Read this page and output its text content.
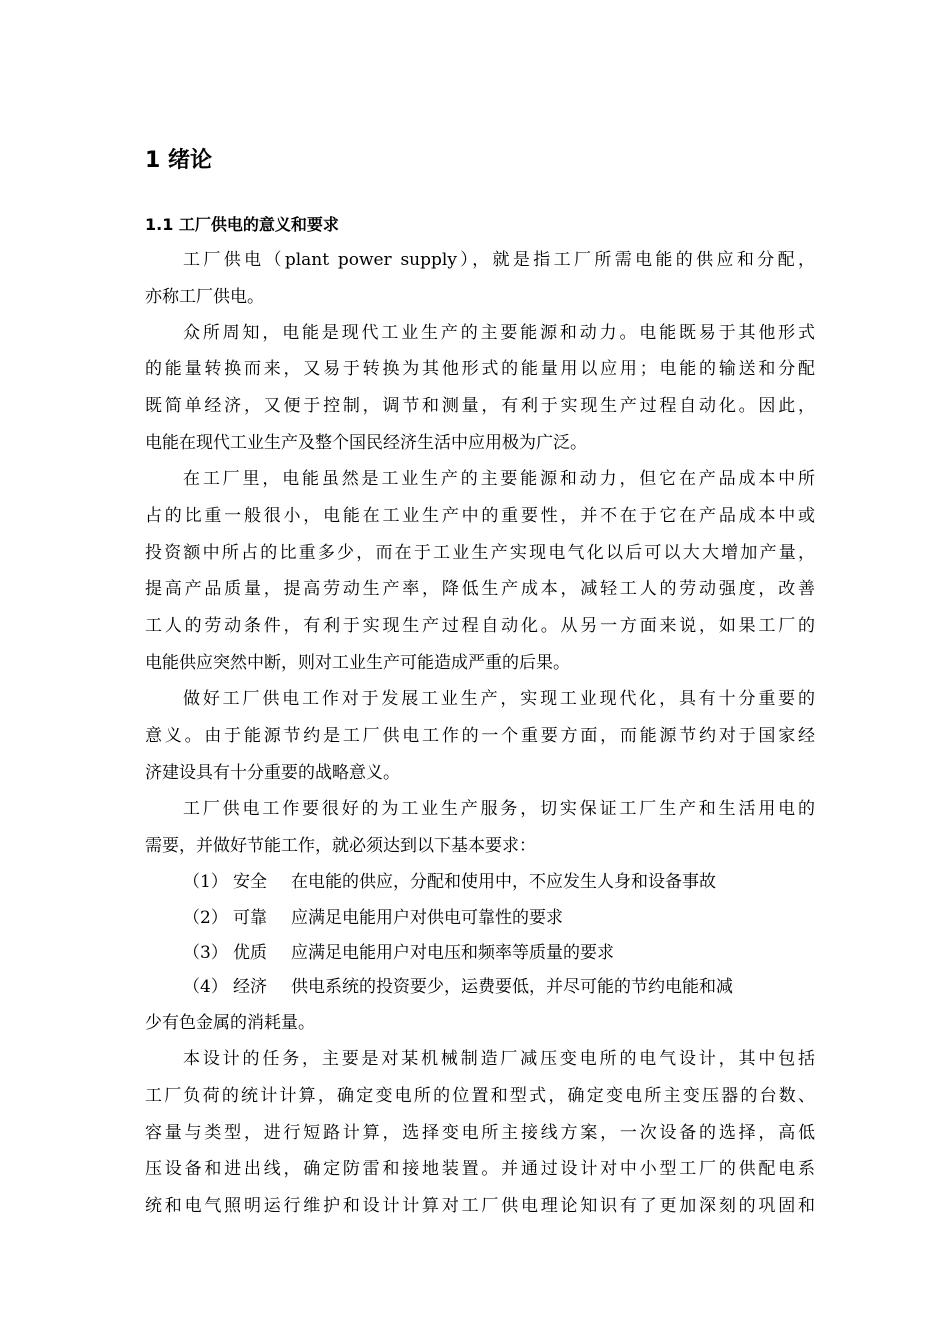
1 绪论
1.1 工厂供电的意义和要求

工厂供电（plant power supply），就是指工厂所需电能的供应和分配，

亦称工厂供电。

众所周知，电能是现代工业生产的主要能源和动力。电能既易于其他形式

的能量转换而来，又易于转换为其他形式的能量用以应用；电能的输送和分配

既简单经济，又便于控制，调节和测量，有利于实现生产过程自动化。因此，

电能在现代工业生产及整个国民经济生活中应用极为广泛。

在工厂里，电能虽然是工业生产的主要能源和动力，但它在产品成本中所

占的比重一般很小，电能在工业生产中的重要性，并不在于它在产品成本中或

投资额中所占的比重多少，而在于工业生产实现电气化以后可以大大增加产量，

提高产品质量，提高劳动生产率，降低生产成本，减轻工人的劳动强度，改善

工人的劳动条件，有利于实现生产过程自动化。从另一方面来说，如果工厂的

电能供应突然中断，则对工业生产可能造成严重的后果。

做好工厂供电工作对于发展工业生产，实现工业现代化，具有十分重要的

意义。由于能源节约是工厂供电工作的一个重要方面，而能源节约对于国家经

济建设具有十分重要的战略意义。

工厂供电工作要很好的为工业生产服务，切实保证工厂生产和生活用电的

需要，并做好节能工作，就必须达到以下基本要求：

（1） 安全 在电能的供应，分配和使用中，不应发生人身和设备事故

（2） 可靠 应满足电能用户对供电可靠性的要求

（3） 优质 应满足电能用户对电压和频率等质量的要求

（4） 经济 供电系统的投资要少，运费要低，并尽可能的节约电能和减

少有色金属的消耗量。

本设计的任务，主要是对某机械制造厂减压变电所的电气设计，其中包括

工厂负荷的统计计算，确定变电所的位置和型式，确定变电所主变压器的台数、

容量与类型，进行短路计算，选择变电所主接线方案，一次设备的选择，高低

压设备和进出线，确定防雷和接地装置。并通过设计对中小型工厂的供配电系

统和电气照明运行维护和设计计算对工厂供电理论知识有了更加深刻的巩固和
